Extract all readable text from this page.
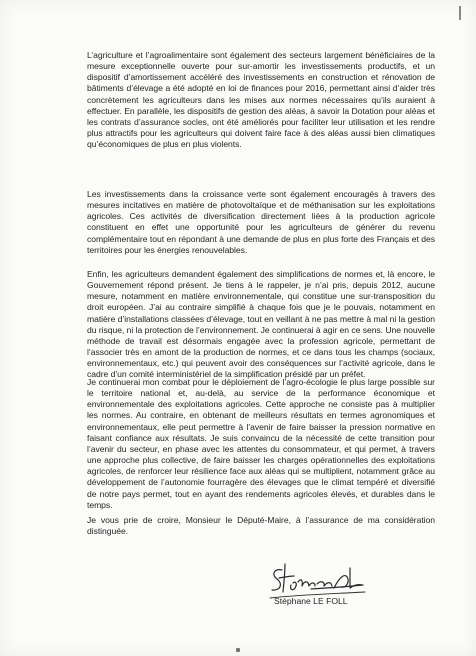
L’agriculture et l’agroalimentaire sont également des secteurs largement bénéficiaires de la mesure exceptionnelle ouverte pour sur-amortir les investissements productifs, et un dispositif d’amortissement accéléré des investissements en construction et rénovation de bâtiments d’élevage a été adopté en loi de finances pour 2016, permettant ainsi d’aider très concrètement les agriculteurs dans les mises aux normes nécessaires qu’ils auraient à effectuer. En parallèle, les dispositifs de gestion des aléas, à savoir la Dotation pour aléas et les contrats d’assurance socles, ont été améliorés pour faciliter leur utilisation et les rendre plus attractifs pour les agriculteurs qui doivent faire face à des aléas aussi bien climatiques qu’économiques de plus en plus violents.

Les investissements dans la croissance verte sont également encouragés à travers des mesures incitatives en matière de photovoltaïque et de méthanisation sur les exploitations agricoles. Ces activités de diversification directement liées à la production agricole constituent en effet une opportunité pour les agriculteurs de générer du revenu complémentaire tout en répondant à une demande de plus en plus forte des Français et des territoires pour les énergies renouvelables.

Enfin, les agriculteurs demandent également des simplifications de normes et, là encore, le Gouvernement répond présent. Je tiens à le rappeler, je n’ai pris, depuis 2012, aucune mesure, notamment en matière environnementale, qui constitue une sur-transposition du droit européen. J’ai au contraire simplifié à chaque fois que je le pouvais, notamment en matière d’installations classées d’élevage, tout en veillant à ne pas mettre à mal ni la gestion du risque, ni la protection de l’environnement. Je continuerai à agir en ce sens. Une nouvelle méthode de travail est désormais engagée avec la profession agricole, permettant de l’associer très en amont de la production de normes, et ce dans tous les champs (sociaux, environnementaux, etc.) qui peuvent avoir des conséquences sur l’activité agricole, dans le cadre d’un comité interministériel de la simplification présidé par un préfet.

Je continuerai mon combat pour le déploiement de l’agro-écologie le plus large possible sur le territoire national et, au-delà, au service de la performance économique et environnementale des exploitations agricoles. Cette approche ne consiste pas à multiplier les normes. Au contraire, en obtenant de meilleurs résultats en termes agronomiques et environnementaux, elle peut permettre à l’avenir de faire baisser la pression normative en faisant confiance aux résultats. Je suis convaincu de la nécessité de cette transition pour l’avenir du secteur, en phase avec les attentes du consommateur, et qui permet, à travers une approche plus collective, de faire baisser les charges opérationnelles des exploitations agricoles, de renforcer leur résilience face aux aléas qui se multiplient, notamment grâce au développement de l’autonomie fourragère des élevages que le climat tempéré et diversifié de notre pays permet, tout en ayant des rendements agricoles élevés, et durables dans le temps.

Je vous prie de croire, Monsieur le Député-Maire, à l’assurance de ma considération distinguée.

Stéphane LE FOLL
